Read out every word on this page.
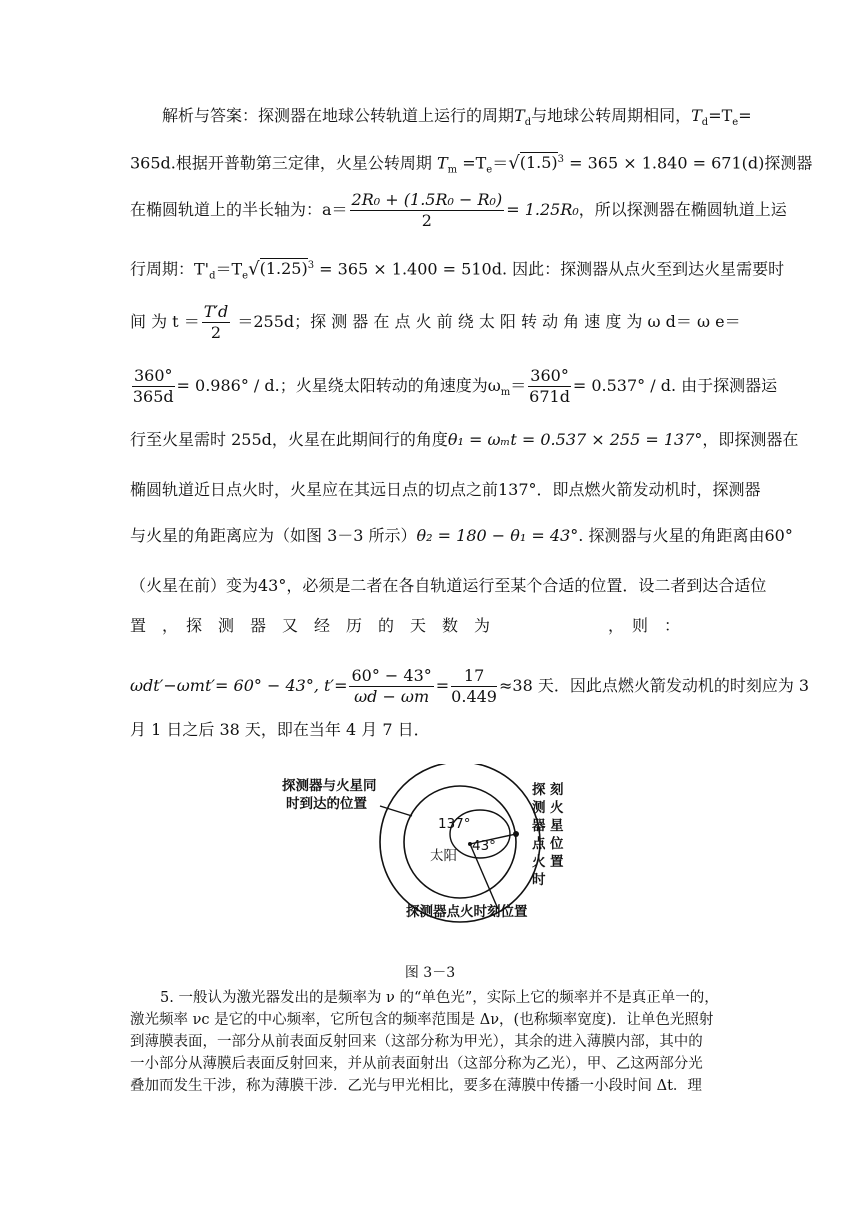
解析与答案：探测器在地球公转轨道上运行的周期$T_d$与地球公转周期相同，$T_d=T_e=$
365d.根据开普勒第三定律，火星公转周期 $T_m =T_e=√(1.5)^3 = 365 \times 1.840 = 671(d)$探测器
在椭圆轨道上的半长轴为：$a= \frac{\text{2R₀ + (1.5R₀ − R₀)}}{2} = 1.25R_0$，所以探测器在椭圆轨道上运
行周期：$T'_d=T_e√(1.25)^3 = 365 \times 1.400 = 510d$. 因此：探测器从点火至到达火星需要时
间 为 $t = \frac{T'd}{2} =255d$；探 测 器 在 点 火 前 绕 太 阳 转 动 角 速 度 为 ω d＝ ω e＝
$\frac{360^\circ}{365d} = 0.986^\circ / d$.；火星绕太阳转动的角速度为$\omega_m= \frac{360^\circ}{671d} = 0.537^\circ / d$. 由于探测器运
行至火星需时 255d，火星在此期间行的角度θ₁ = ωₘt = 0.537 × 255 = 137°，即探测器在
椭圆轨道近日点火时，火星应在其远日点的切点之前137°．即点燃火箭发动机时，探测器
与火星的角距离应为（如图 3－3 所示）θ₂ = 180 − θ₁ = 43°. 探测器与火星的角距离由60°
（火星在前）变为43°，必须是二者在各自轨道运行至某个合适的位置．设二者到达合适位
置　，　探　测　器　又　经　历　的　天　数　为	，　则　：
ωdt′−ωmt′= 60° − 43°, $t'= \frac{60^\circ - 43^\circ}{\omega d - \omega m} = \frac{17}{0.449} \approx 38$ 天．因此点燃火箭发动机的时刻应为 3
月 1 日之后 38 天，即在当年 4 月 7 日．
探测器与火星同
时到达的位置
137°
43°
太阳
探
测
器
点
火
时
刻
火
星
位
置
探测器点火时刻位置
图 3－3
5. 一般认为激光器发出的是频率为 ν 的“单色光”，实际上它的频率并不是真正单一的，
激光频率 νc 是它的中心频率，它所包含的频率范围是 Δν，(也称频率宽度)．让单色光照射
到薄膜表面，一部分从前表面反射回来（这部分称为甲光），其余的进入薄膜内部，其中的
一小部分从薄膜后表面反射回来，并从前表面射出（这部分称为乙光），甲、乙这两部分光
叠加而发生干涉，称为薄膜干涉．乙光与甲光相比，要多在薄膜中传播一小段时间 Δt．理
